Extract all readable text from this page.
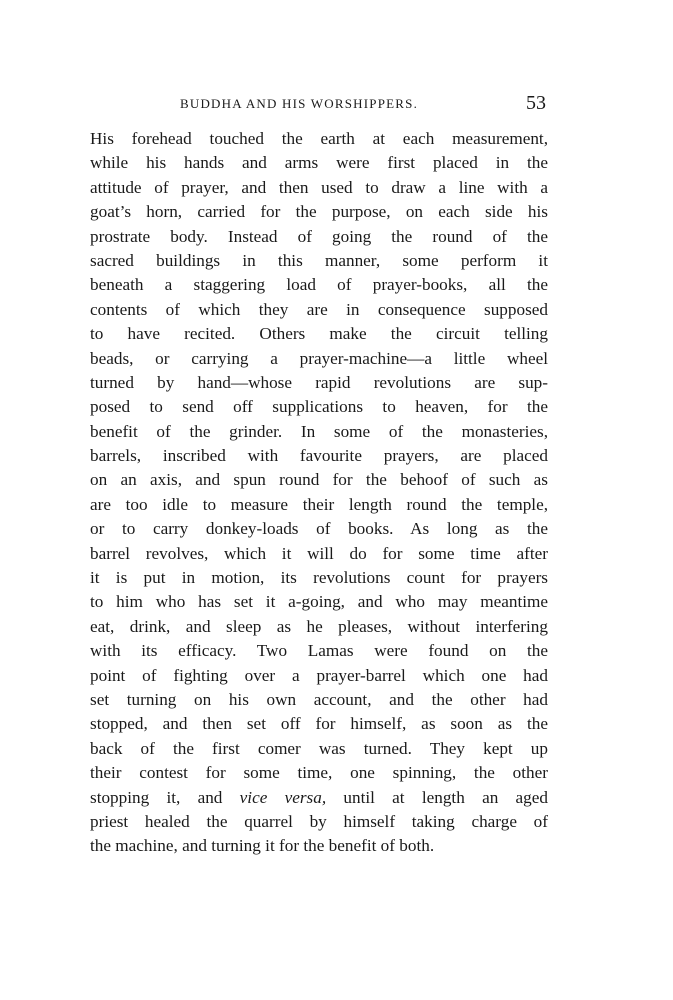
BUDDHA AND HIS WORSHIPPERS.	53
His forehead touched the earth at each measurement,
while his hands and arms were first placed in the
attitude of prayer, and then used to draw a line with a
goat’s horn, carried for the purpose, on each side his
prostrate body. Instead of going the round of the
sacred buildings in this manner, some perform it
beneath a staggering load of prayer-books, all the
contents of which they are in consequence supposed
to have recited. Others make the circuit telling
beads, or carrying a prayer-machine—a little wheel
turned by hand—whose rapid revolutions are sup-
posed to send off supplications to heaven, for the
benefit of the grinder. In some of the monasteries,
barrels, inscribed with favourite prayers, are placed
on an axis, and spun round for the behoof of such as
are too idle to measure their length round the temple,
or to carry donkey-loads of books. As long as the
barrel revolves, which it will do for some time after
it is put in motion, its revolutions count for prayers
to him who has set it a-going, and who may meantime
eat, drink, and sleep as he pleases, without interfering
with its efficacy. Two Lamas were found on the
point of fighting over a prayer-barrel which one had
set turning on his own account, and the other had
stopped, and then set off for himself, as soon as the
back of the first comer was turned. They kept up
their contest for some time, one spinning, the other
stopping it, and vice versa, until at length an aged
priest healed the quarrel by himself taking charge of
the machine, and turning it for the benefit of both.
